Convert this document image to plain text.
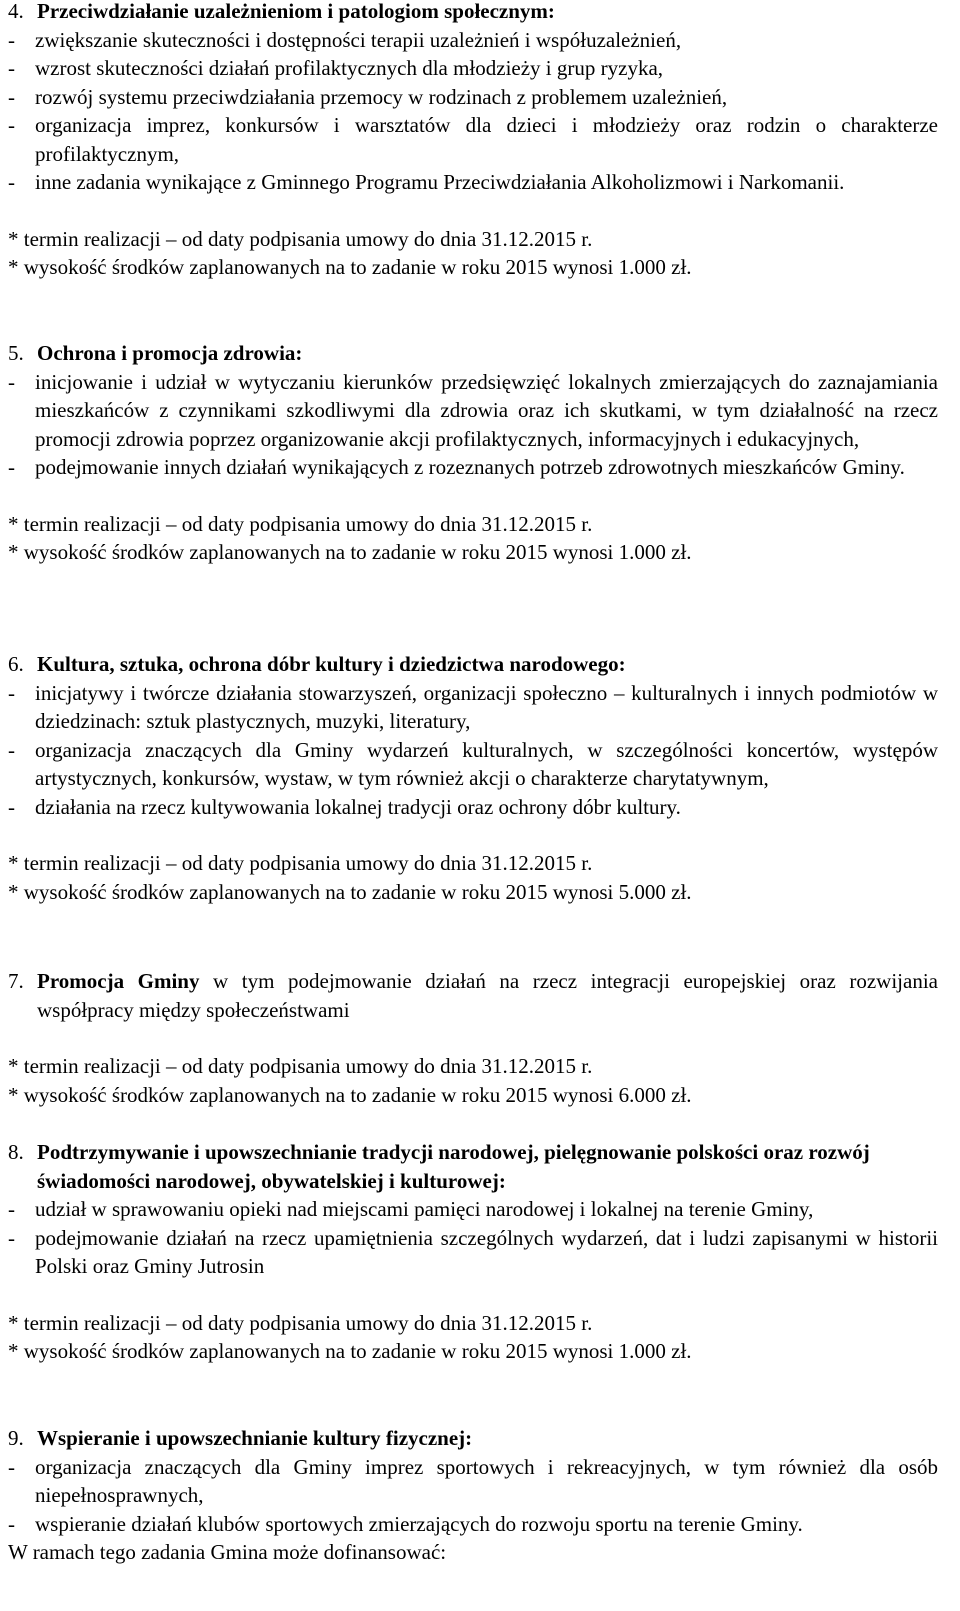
4. Przeciwdziałanie uzależnieniom i patologiom społecznym:
- zwiększanie skuteczności i dostępności terapii uzależnień i współuzależnień,
- wzrost skuteczności działań profilaktycznych dla młodzieży i grup ryzyka,
- rozwój systemu przeciwdziałania przemocy w rodzinach z problemem uzależnień,
- organizacja imprez, konkursów i warsztatów dla dzieci i młodzieży oraz rodzin o charakterze profilaktycznym,
- inne zadania wynikające z Gminnego Programu Przeciwdziałania Alkoholizmowi i Narkomanii.
* termin realizacji – od daty podpisania umowy do dnia 31.12.2015 r.
* wysokość środków zaplanowanych na to zadanie w roku 2015 wynosi 1.000 zł.
5. Ochrona i promocja zdrowia:
- inicjowanie i udział w wytyczaniu kierunków przedsięwzięć lokalnych zmierzających do zaznajamiania mieszkańców z czynnikami szkodliwymi dla zdrowia oraz ich skutkami, w tym działalność na rzecz promocji zdrowia poprzez organizowanie akcji profilaktycznych, informacyjnych i edukacyjnych,
- podejmowanie innych działań wynikających z rozeznanych potrzeb zdrowotnych mieszkańców Gminy.
* termin realizacji – od daty podpisania umowy do dnia 31.12.2015 r.
* wysokość środków zaplanowanych na to zadanie w roku 2015 wynosi 1.000 zł.
6. Kultura, sztuka, ochrona dóbr kultury i dziedzictwa narodowego:
- inicjatywy i twórcze działania stowarzyszeń, organizacji społeczno – kulturalnych i innych podmiotów w dziedzinach: sztuk plastycznych, muzyki, literatury,
- organizacja znaczących dla Gminy wydarzeń kulturalnych, w szczególności koncertów, występów artystycznych, konkursów, wystaw, w tym również akcji o charakterze charytatywnym,
- działania na rzecz kultywowania lokalnej tradycji oraz ochrony dóbr kultury.
* termin realizacji – od daty podpisania umowy do dnia 31.12.2015 r.
* wysokość środków zaplanowanych na to zadanie w roku 2015 wynosi 5.000 zł.
7. Promocja Gminy w tym podejmowanie działań na rzecz integracji europejskiej oraz rozwijania współpracy między społeczeństwami
* termin realizacji – od daty podpisania umowy do dnia 31.12.2015 r.
* wysokość środków zaplanowanych na to zadanie w roku 2015 wynosi 6.000 zł.
8. Podtrzymywanie i upowszechnianie tradycji narodowej, pielęgnowanie polskości oraz rozwój świadomości narodowej, obywatelskiej i kulturowej:
- udział w sprawowaniu opieki nad miejscami pamięci narodowej i lokalnej na terenie Gminy,
- podejmowanie działań na rzecz upamiętnienia szczególnych wydarzeń, dat i ludzi zapisanymi w historii Polski oraz Gminy Jutrosin
* termin realizacji – od daty podpisania umowy do dnia 31.12.2015 r.
* wysokość środków zaplanowanych na to zadanie w roku 2015 wynosi 1.000 zł.
9. Wspieranie i upowszechnianie kultury fizycznej:
- organizacja znaczących dla Gminy imprez sportowych i rekreacyjnych, w tym również dla osób niepełnosprawnych,
- wspieranie działań klubów sportowych zmierzających do rozwoju sportu na terenie Gminy.
W ramach tego zadania Gmina może dofinansować:
